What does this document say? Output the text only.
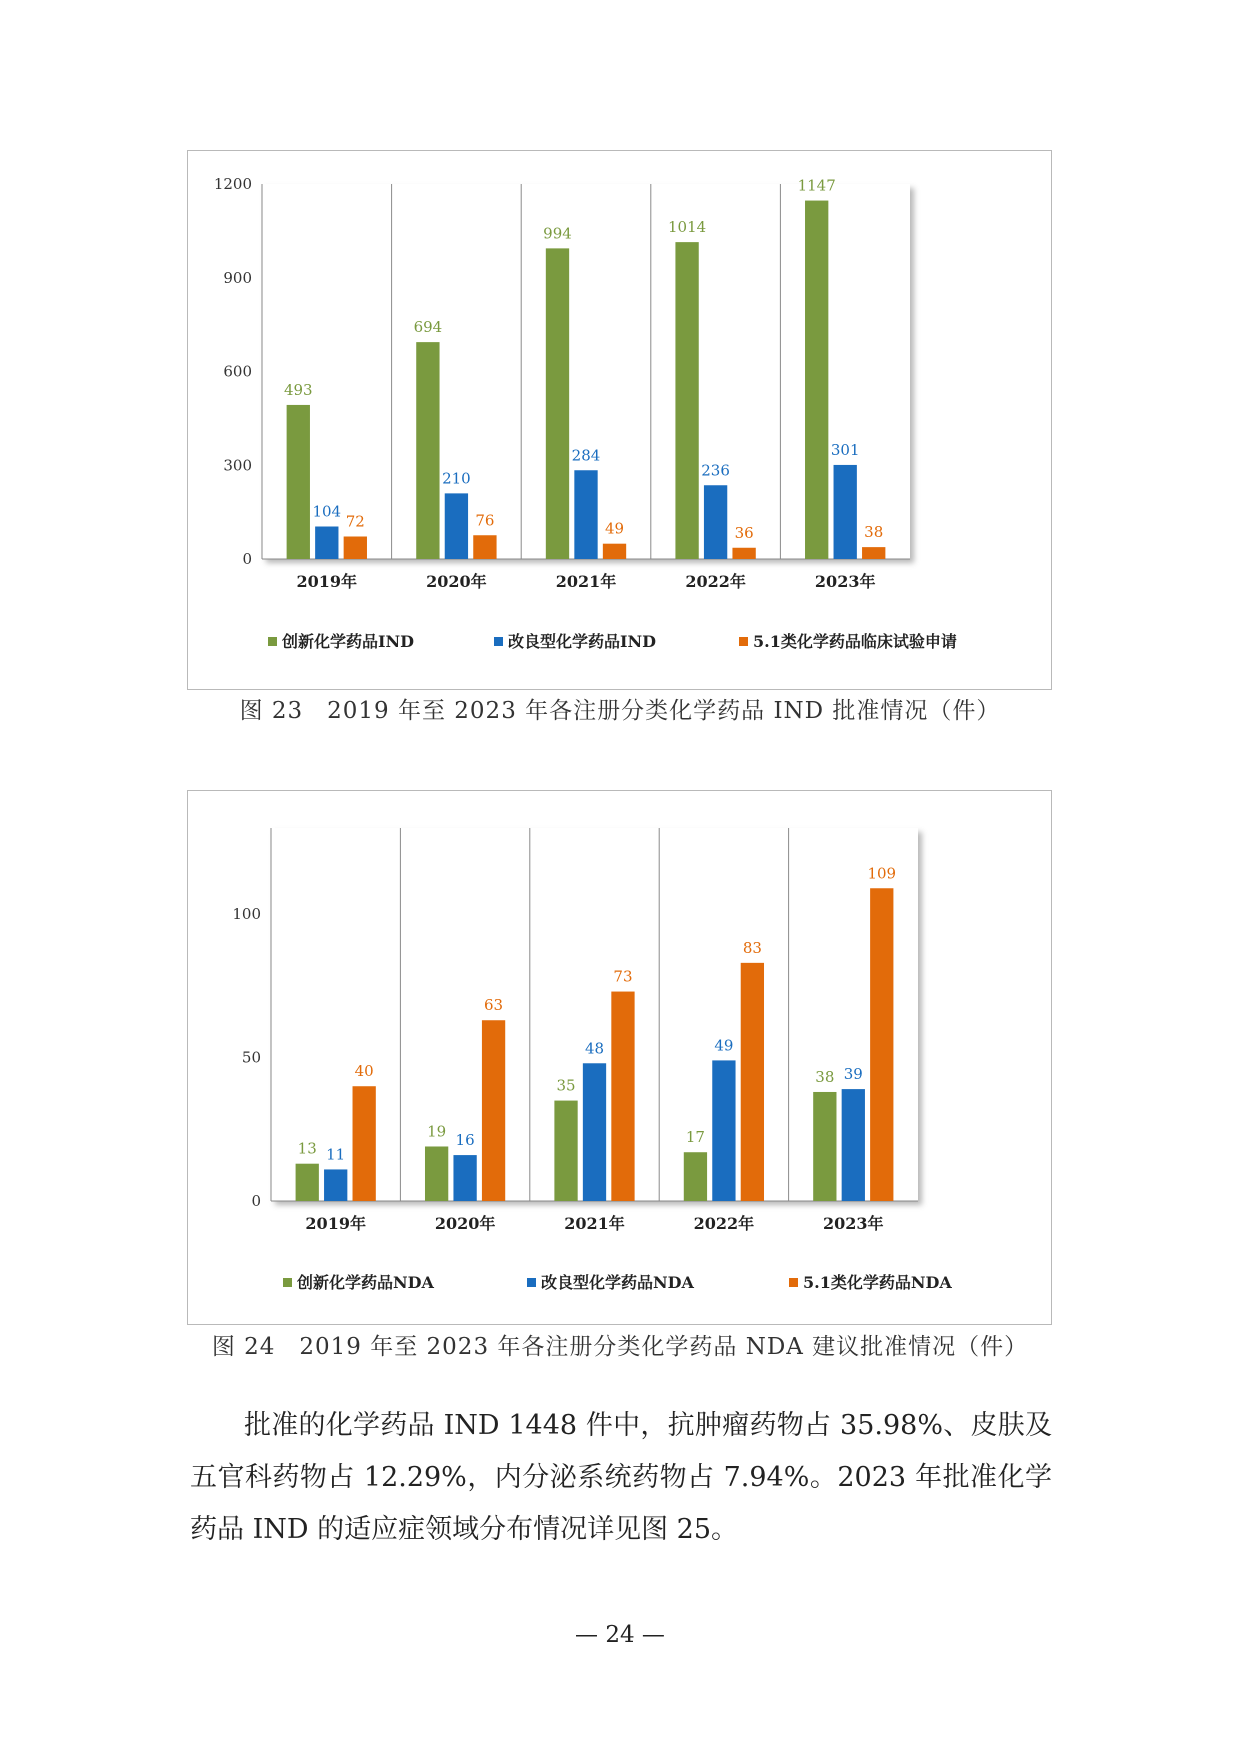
0
300
600
900
1200
493
104
72
2019年
694
210
76
2020年
994
284
49
2021年
1014
236
36
2022年
1147
301
38
2023年
创新化学药品IND	改良型化学药品IND	5.1类化学药品临床试验申请
图 23　2019 年至 2023 年各注册分类化学药品 IND 批准情况（件）
0
50
100
13 11
40
2019年
19 16
63
2020年
35
48
73
2021年
17
49
83
2022年
38 39
109
2023年
创新化学药品NDA	改良型化学药品NDA	5.1类化学药品NDA
图 24　2019 年至 2023 年各注册分类化学药品 NDA 建议批准情况（件）

批准的化学药品 IND 1448 件中，抗肿瘤药物占 35.98%、皮肤及五官科药物占 12.29%，内分泌系统药物占 7.94%。2023 年批准化学药品 IND 的适应症领域分布情况详见图 25。

— 24 —
